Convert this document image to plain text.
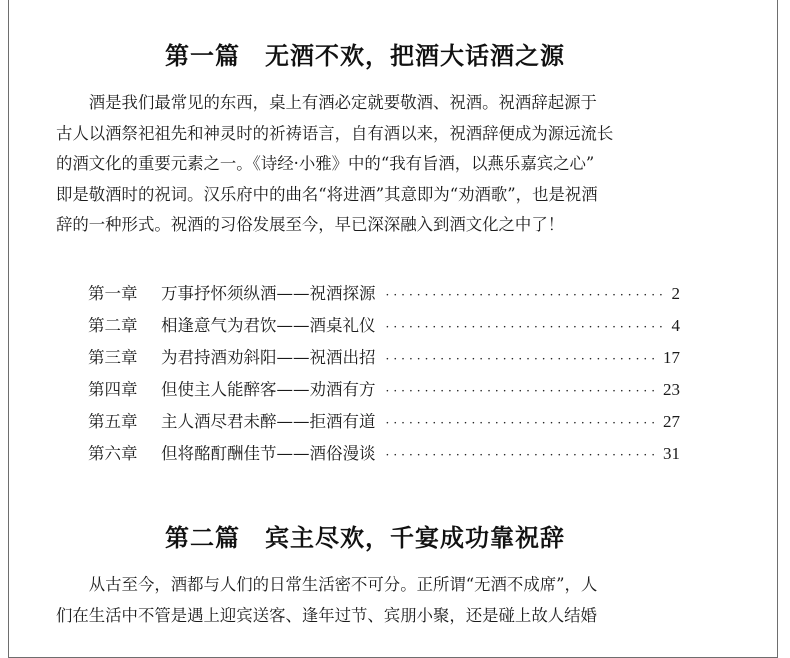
第一篇　无酒不欢，把酒大话酒之源

　　酒是我们最常见的东西，桌上有酒必定就要敬酒、祝酒。祝酒辞起源于
古人以酒祭祀祖先和神灵时的祈祷语言，自有酒以来，祝酒辞便成为源远流长
的酒文化的重要元素之一。《诗经·小雅》中的“我有旨酒，以燕乐嘉宾之心”
即是敬酒时的祝词。汉乐府中的曲名“将进酒”其意即为“劝酒歌”，也是祝酒
辞的一种形式。祝酒的习俗发展至今，早已深深融入到酒文化之中了！

第一章	万事抒怀须纵酒——祝酒探源 ·····	2
第二章	相逢意气为君饮——酒桌礼仪 ·····	4
第三章	为君持酒劝斜阳——祝酒出招 ·····	17
第四章	但使主人能醉客——劝酒有方 ·····	23
第五章	主人酒尽君未醉——拒酒有道 ·····	27
第六章	但将酩酊酬佳节——酒俗漫谈 ·····	31
第二篇　宾主尽欢，千宴成功靠祝辞

　　从古至今，酒都与人们的日常生活密不可分。正所谓“无酒不成席”，人
们在生活中不管是遇上迎宾送客、逢年过节、宾朋小聚，还是碰上故人结婚
